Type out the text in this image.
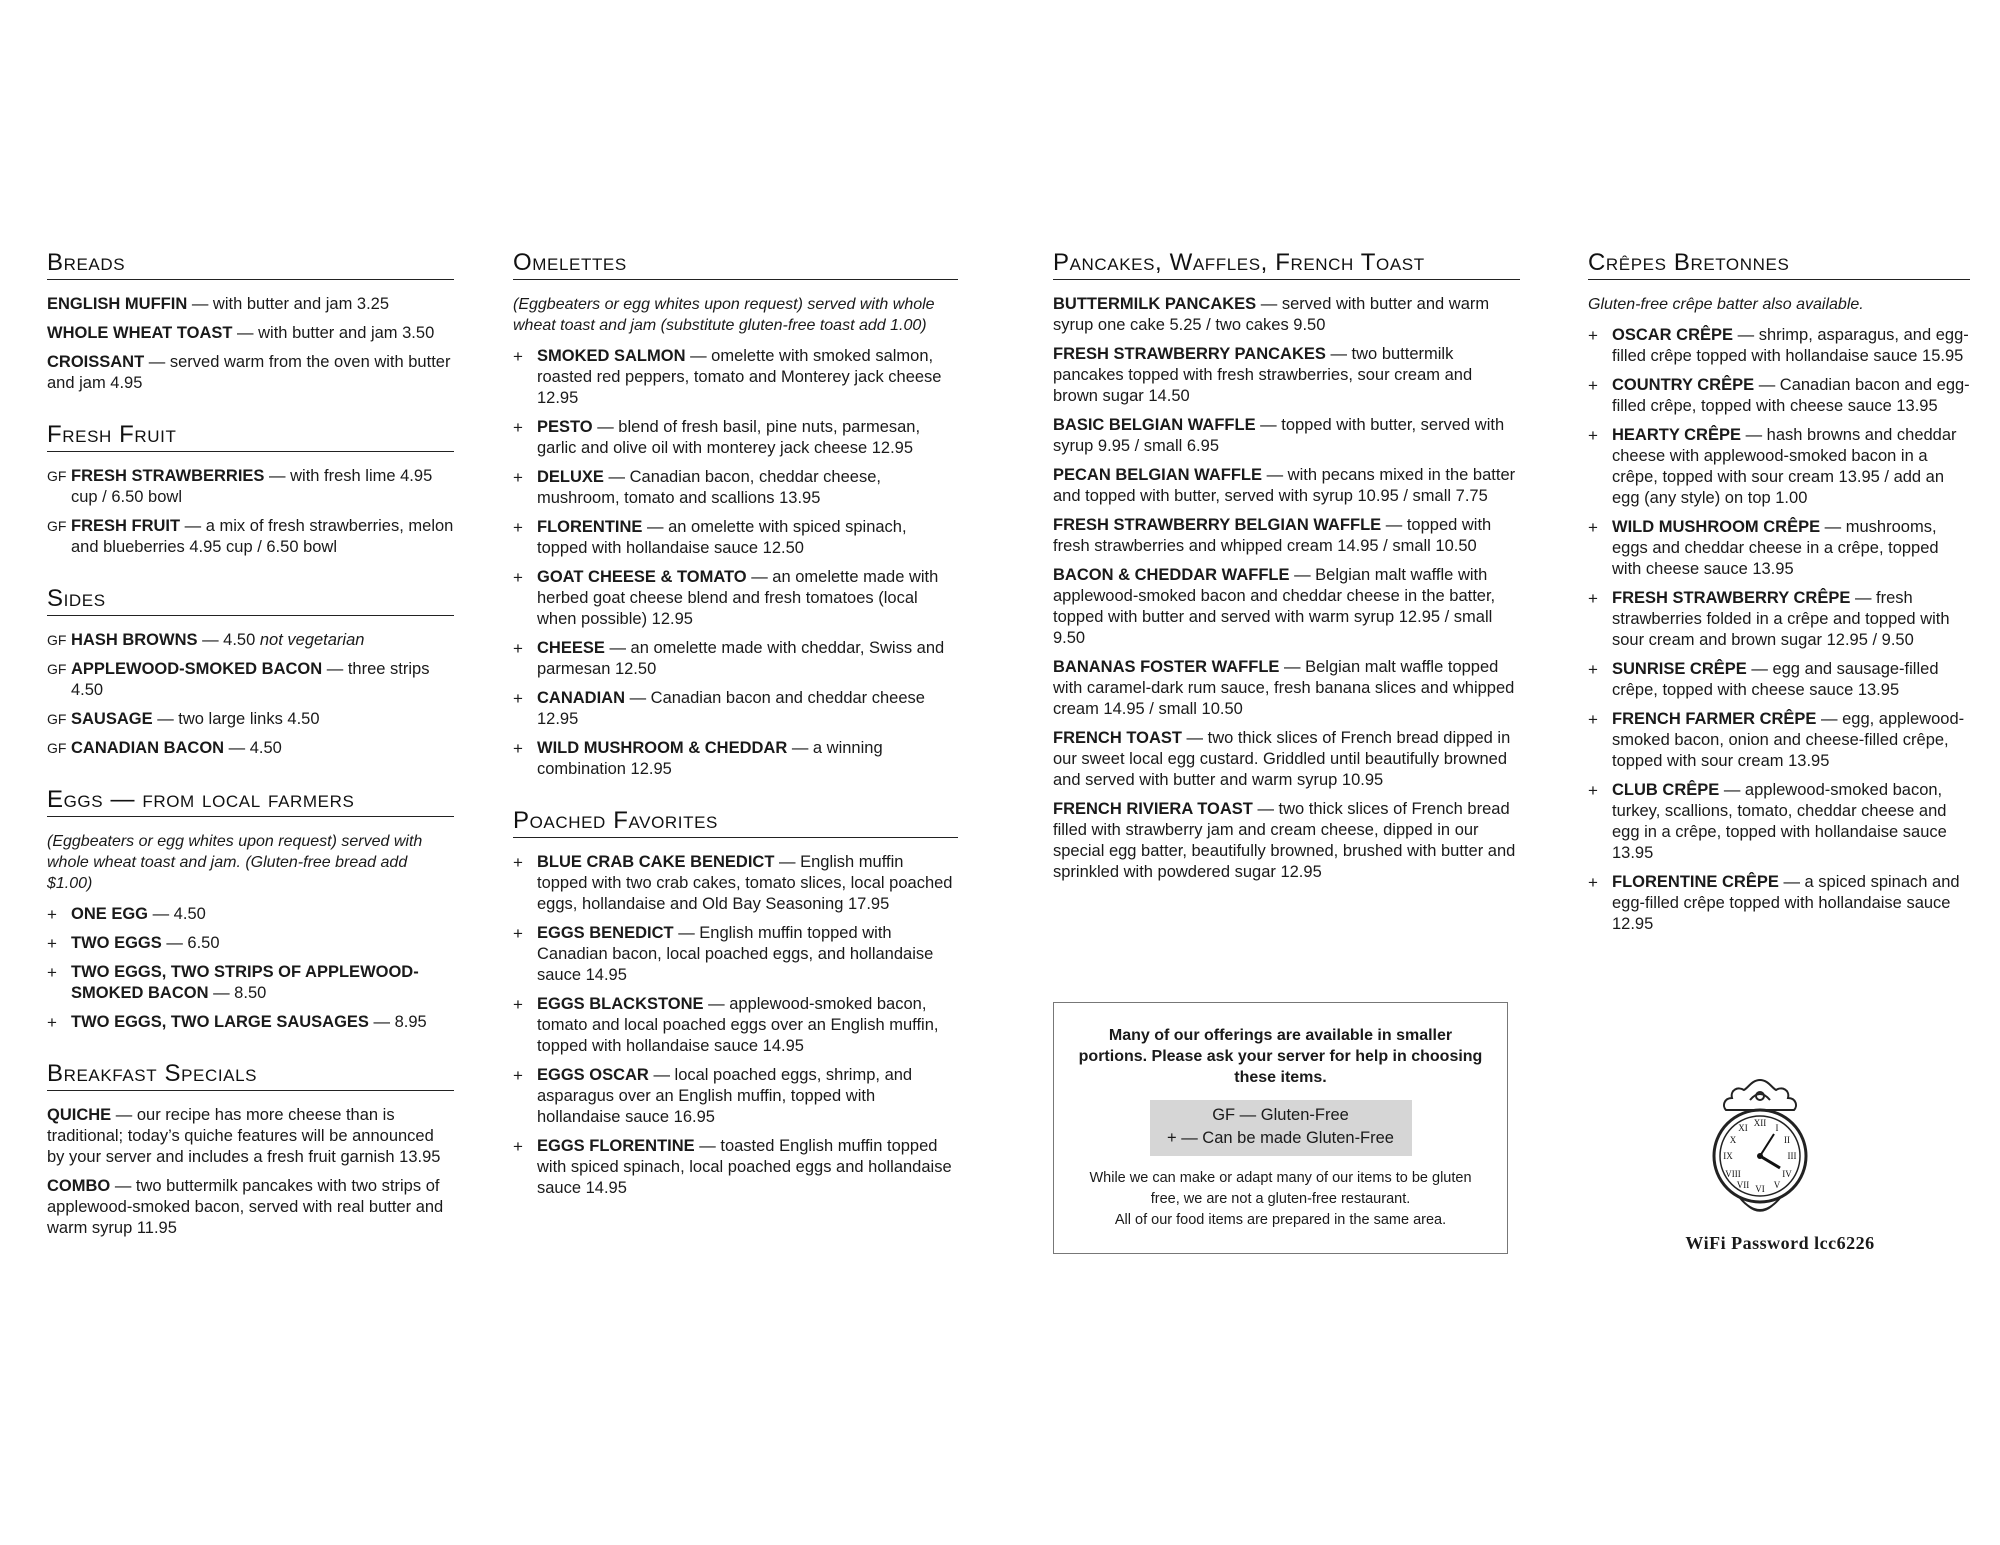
Breads
ENGLISH MUFFIN — with butter and jam 3.25
WHOLE WHEAT TOAST — with butter and jam 3.50
CROISSANT — served warm from the oven with butter and jam 4.95
Fresh Fruit
GF FRESH STRAWBERRIES — with fresh lime 4.95 cup / 6.50 bowl
GF FRESH FRUIT — a mix of fresh strawberries, melon and blueberries 4.95 cup / 6.50 bowl
Sides
GF HASH BROWNS — 4.50 not vegetarian
GF APPLEWOOD-SMOKED BACON — three strips 4.50
GF SAUSAGE — two large links 4.50
GF CANADIAN BACON — 4.50
Eggs — from local farmers

(Eggbeaters or egg whites upon request) served with whole wheat toast and jam. (Gluten-free bread add $1.00)

+ ONE EGG — 4.50
+ TWO EGGS — 6.50
+ TWO EGGS, TWO STRIPS OF APPLEWOOD-SMOKED BACON — 8.50
+ TWO EGGS, TWO LARGE SAUSAGES — 8.95
Breakfast Specials
QUICHE — our recipe has more cheese than is traditional; today’s quiche features will be announced by your server and includes a fresh fruit garnish 13.95
COMBO — two buttermilk pancakes with two strips of applewood-smoked bacon, served with real butter and warm syrup 11.95
Omelettes

(Eggbeaters or egg whites upon request) served with whole wheat toast and jam (substitute gluten-free toast add 1.00)

+ SMOKED SALMON — omelette with smoked salmon, roasted red peppers, tomato and Monterey jack cheese 12.95
+ PESTO — blend of fresh basil, pine nuts, parmesan, garlic and olive oil with monterey jack cheese 12.95
+ DELUXE — Canadian bacon, cheddar cheese, mushroom, tomato and scallions 13.95
+ FLORENTINE — an omelette with spiced spinach, topped with hollandaise sauce 12.50
+ GOAT CHEESE & TOMATO — an omelette made with herbed goat cheese blend and fresh tomatoes (local when possible) 12.95
+ CHEESE — an omelette made with cheddar, Swiss and parmesan 12.50
+ CANADIAN — Canadian bacon and cheddar cheese 12.95
+ WILD MUSHROOM & CHEDDAR — a winning combination 12.95
Poached Favorites
+ BLUE CRAB CAKE BENEDICT — English muffin topped with two crab cakes, tomato slices, local poached eggs, hollandaise and Old Bay Seasoning 17.95
+ EGGS BENEDICT — English muffin topped with Canadian bacon, local poached eggs, and hollandaise sauce 14.95
+ EGGS BLACKSTONE — applewood-smoked bacon, tomato and local poached eggs over an English muffin, topped with hollandaise sauce 14.95
+ EGGS OSCAR — local poached eggs, shrimp, and asparagus over an English muffin, topped with hollandaise sauce 16.95
+ EGGS FLORENTINE — toasted English muffin topped with spiced spinach, local poached eggs and hollandaise sauce 14.95
Pancakes, Waffles, French Toast
BUTTERMILK PANCAKES — served with butter and warm syrup one cake 5.25 / two cakes 9.50
FRESH STRAWBERRY PANCAKES — two buttermilk pancakes topped with fresh strawberries, sour cream and brown sugar 14.50
BASIC BELGIAN WAFFLE — topped with butter, served with syrup 9.95 / small 6.95
PECAN BELGIAN WAFFLE — with pecans mixed in the batter and topped with butter, served with syrup 10.95 / small 7.75
FRESH STRAWBERRY BELGIAN WAFFLE — topped with fresh strawberries and whipped cream 14.95 / small 10.50
BACON & CHEDDAR WAFFLE — Belgian malt waffle with applewood-smoked bacon and cheddar cheese in the batter, topped with butter and served with warm syrup 12.95 / small 9.50
BANANAS FOSTER WAFFLE — Belgian malt waffle topped with caramel-dark rum sauce, fresh banana slices and whipped cream 14.95 / small 10.50
FRENCH TOAST — two thick slices of French bread dipped in our sweet local egg custard. Griddled until beautifully browned and served with butter and warm syrup 10.95
FRENCH RIVIERA TOAST — two thick slices of French bread filled with strawberry jam and cream cheese, dipped in our special egg batter, beautifully browned, brushed with butter and sprinkled with powdered sugar 12.95
Many of our offerings are available in smaller portions. Please ask your server for help in choosing these items.
GF — Gluten-Free
+ — Can be made Gluten-Free
While we can make or adapt many of our items to be gluten free, we are not a gluten-free restaurant.
All of our food items are prepared in the same area.
Crêpes Bretonnes

Gluten-free crêpe batter also available.

+ OSCAR CRÊPE — shrimp, asparagus, and egg-filled crêpe topped with hollandaise sauce 15.95
+ COUNTRY CRÊPE — Canadian bacon and egg-filled crêpe, topped with cheese sauce 13.95
+ HEARTY CRÊPE — hash browns and cheddar cheese with applewood-smoked bacon in a crêpe, topped with sour cream 13.95 / add an egg (any style) on top 1.00
+ WILD MUSHROOM CRÊPE — mushrooms, eggs and cheddar cheese in a crêpe, topped with cheese sauce 13.95
+ FRESH STRAWBERRY CRÊPE — fresh strawberries folded in a crêpe and topped with sour cream and brown sugar 12.95 / 9.50
+ SUNRISE CRÊPE — egg and sausage-filled crêpe, topped with cheese sauce 13.95
+ FRENCH FARMER CRÊPE — egg, applewood-smoked bacon, onion and cheese-filled crêpe, topped with sour cream 13.95
+ CLUB CRÊPE — applewood-smoked bacon, turkey, scallions, tomato, cheddar cheese and egg in a crêpe, topped with hollandaise sauce 13.95
+ FLORENTINE CRÊPE — a spiced spinach and egg-filled crêpe topped with hollandaise sauce 12.95
XII
III
VI
IX
I
II
IV
V
VII
VIII
X
XI
WiFi Password lcc6226
